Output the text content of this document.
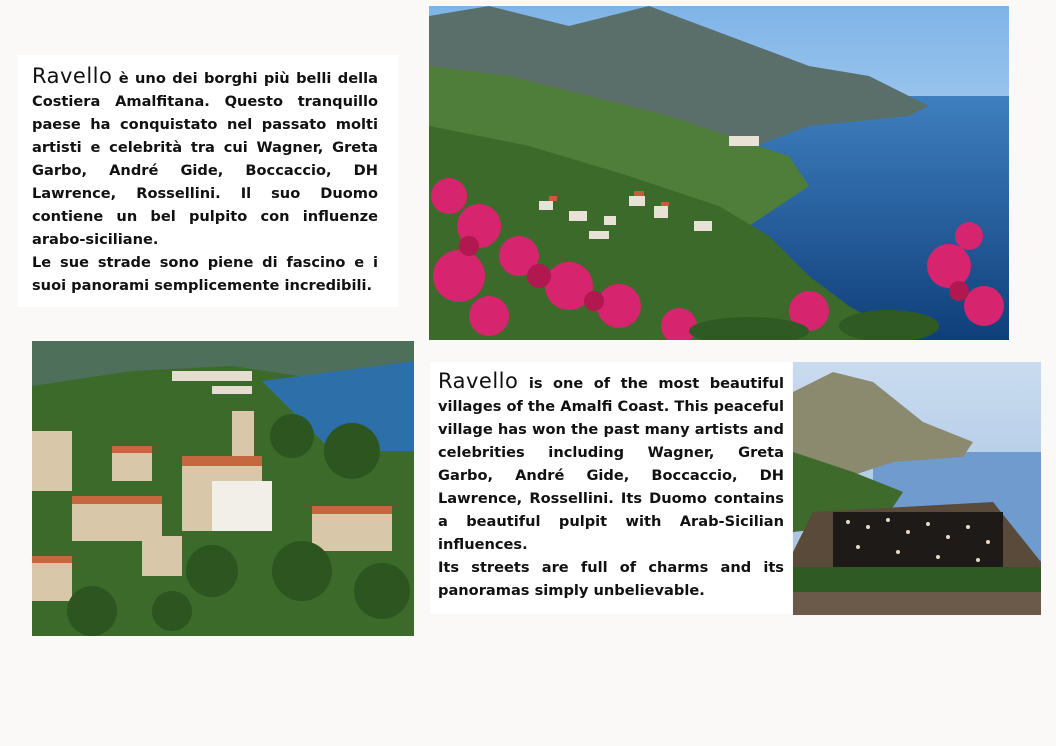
Ravello è uno dei borghi più belli della Costiera Amalfitana. Questo tranquillo paese ha conquistato nel passato molti artisti e celebrità tra cui Wagner, Greta Garbo, André Gide, Boccaccio, DH Lawrence, Rossellini. Il suo Duomo contiene un bel pulpito con influenze arabo-siciliane.

Le sue strade sono piene di fascino e i suoi panorami semplicemente incredibili.

Ravello is one of the most beautiful villages of the Amalfi Coast. This peaceful village has won the past many artists and celebrities including Wagner, Greta Garbo, André Gide, Boccaccio, DH Lawrence, Rossellini. Its Duomo contains a beautiful pulpit with Arab-Sicilian influences.

Its streets are full of charms and its panoramas simply unbelievable.
